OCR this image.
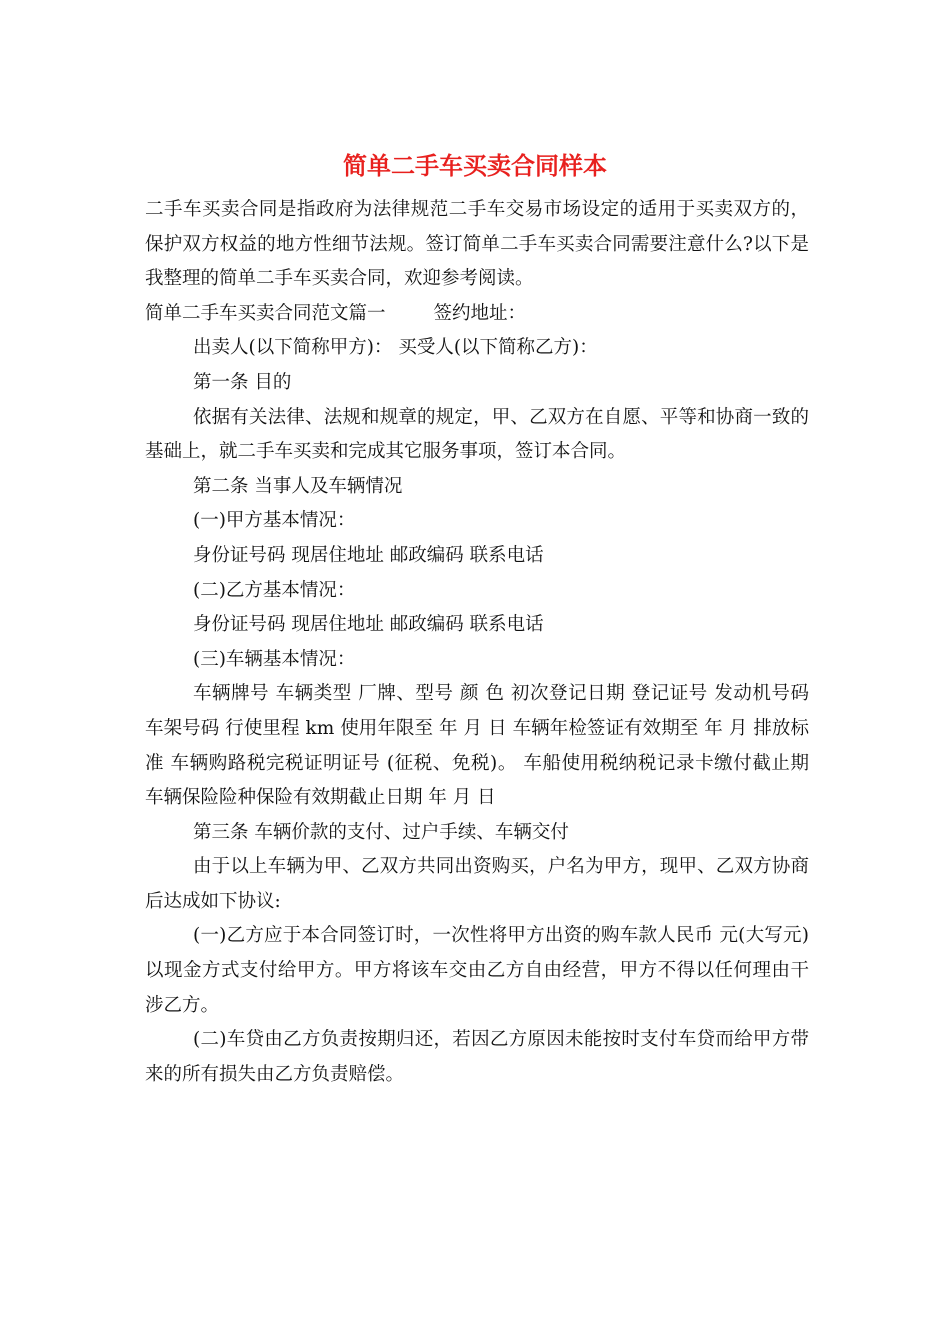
简单二手车买卖合同样本

二手车买卖合同是指政府为法律规范二手车交易市场设定的适用于买卖双方的，保护双方权益的地方性细节法规。签订简单二手车买卖合同需要注意什么?以下是我整理的简单二手车买卖合同，欢迎参考阅读。

简单二手车买卖合同范文篇一	签约地址：

出卖人(以下简称甲方)： 买受人(以下简称乙方)：

第一条 目的

依据有关法律、法规和规章的规定，甲、乙双方在自愿、平等和协商一致的基础上，就二手车买卖和完成其它服务事项，签订本合同。

第二条 当事人及车辆情况

(一)甲方基本情况：

身份证号码 现居住地址 邮政编码 联系电话

(二)乙方基本情况：

身份证号码 现居住地址 邮政编码 联系电话

(三)车辆基本情况：

车辆牌号 车辆类型 厂牌、型号 颜 色 初次登记日期 登记证号 发动机号码 车架号码 行使里程 km 使用年限至 年 月 日 车辆年检签证有效期至 年 月 排放标准 车辆购路税完税证明证号 (征税、免税)。 车船使用税纳税记录卡缴付截止期 车辆保险险种保险有效期截止日期 年 月 日

第三条 车辆价款的支付、过户手续、车辆交付

由于以上车辆为甲、乙双方共同出资购买，户名为甲方，现甲、乙双方协商后达成如下协议:

(一)乙方应于本合同签订时，一次性将甲方出资的购车款人民币 元(大写元)以现金方式支付给甲方。甲方将该车交由乙方自由经营，甲方不得以任何理由干涉乙方。

(二)车贷由乙方负责按期归还，若因乙方原因未能按时支付车贷而给甲方带来的所有损失由乙方负责赔偿。
